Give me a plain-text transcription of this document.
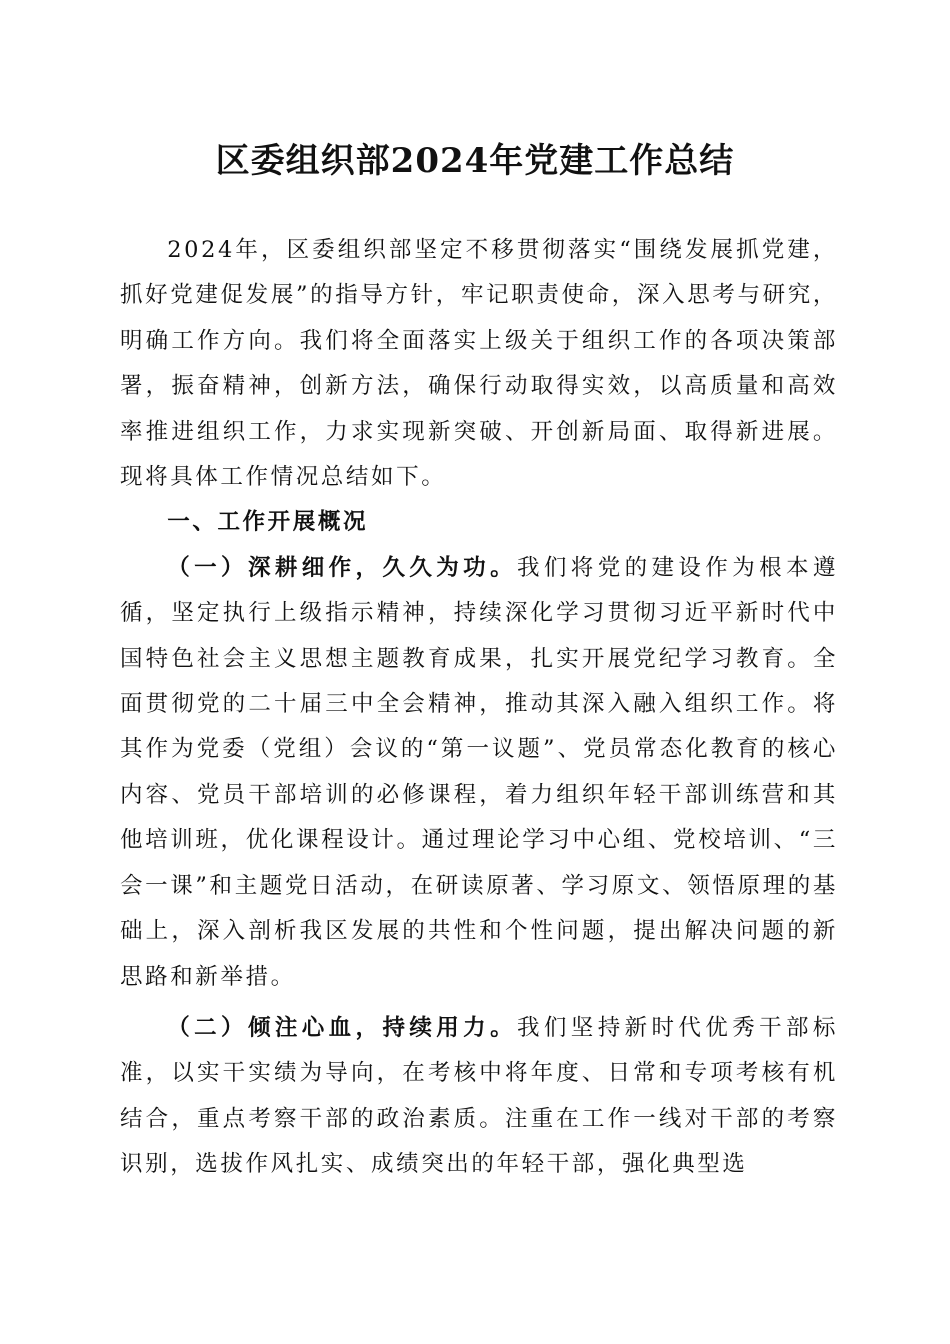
区委组织部2024年党建工作总结

2024年，区委组织部坚定不移贯彻落实“围绕发展抓党建，抓好党建促发展”的指导方针，牢记职责使命，深入思考与研究，明确工作方向。我们将全面落实上级关于组织工作的各项决策部署，振奋精神，创新方法，确保行动取得实效，以高质量和高效率推进组织工作，力求实现新突破、开创新局面、取得新进展。现将具体工作情况总结如下。

一、工作开展概况

（一）深耕细作，久久为功。我们将党的建设作为根本遵循，坚定执行上级指示精神，持续深化学习贯彻习近平新时代中国特色社会主义思想主题教育成果，扎实开展党纪学习教育。全面贯彻党的二十届三中全会精神，推动其深入融入组织工作。将其作为党委（党组）会议的“第一议题”、党员常态化教育的核心内容、党员干部培训的必修课程，着力组织年轻干部训练营和其他培训班，优化课程设计。通过理论学习中心组、党校培训、“三会一课”和主题党日活动，在研读原著、学习原文、领悟原理的基础上，深入剖析我区发展的共性和个性问题，提出解决问题的新思路和新举措。

（二）倾注心血，持续用力。我们坚持新时代优秀干部标准，以实干实绩为导向，在考核中将年度、日常和专项考核有机结合，重点考察干部的政治素质。注重在工作一线对干部的考察识别，选拔作风扎实、成绩突出的年轻干部，强化典型选
